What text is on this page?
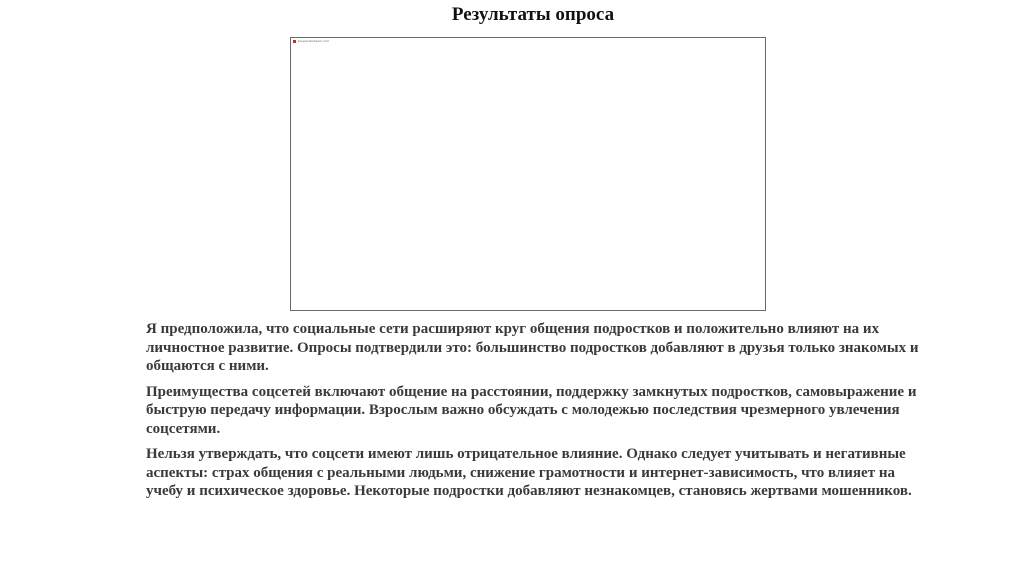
Результаты опроса
bsuperstorteam.com

Я предположила, что социальные сети расширяют круг общения подростков и положительно влияют на их личностное развитие. Опросы подтвердили это: большинство подростков добавляют в друзья только знакомых и общаются с ними.

Преимущества соцсетей включают общение на расстоянии, поддержку замкнутых подростков, самовыражение и быструю передачу информации. Взрослым важно обсуждать с молодежью последствия чрезмерного увлечения соцсетями.

Нельзя утверждать, что соцсети имеют лишь отрицательное влияние. Однако следует учитывать и негативные аспекты: страх общения с реальными людьми, снижение грамотности и интернет-зависимость, что влияет на учебу и психическое здоровье. Некоторые подростки добавляют незнакомцев, становясь жертвами мошенников.
